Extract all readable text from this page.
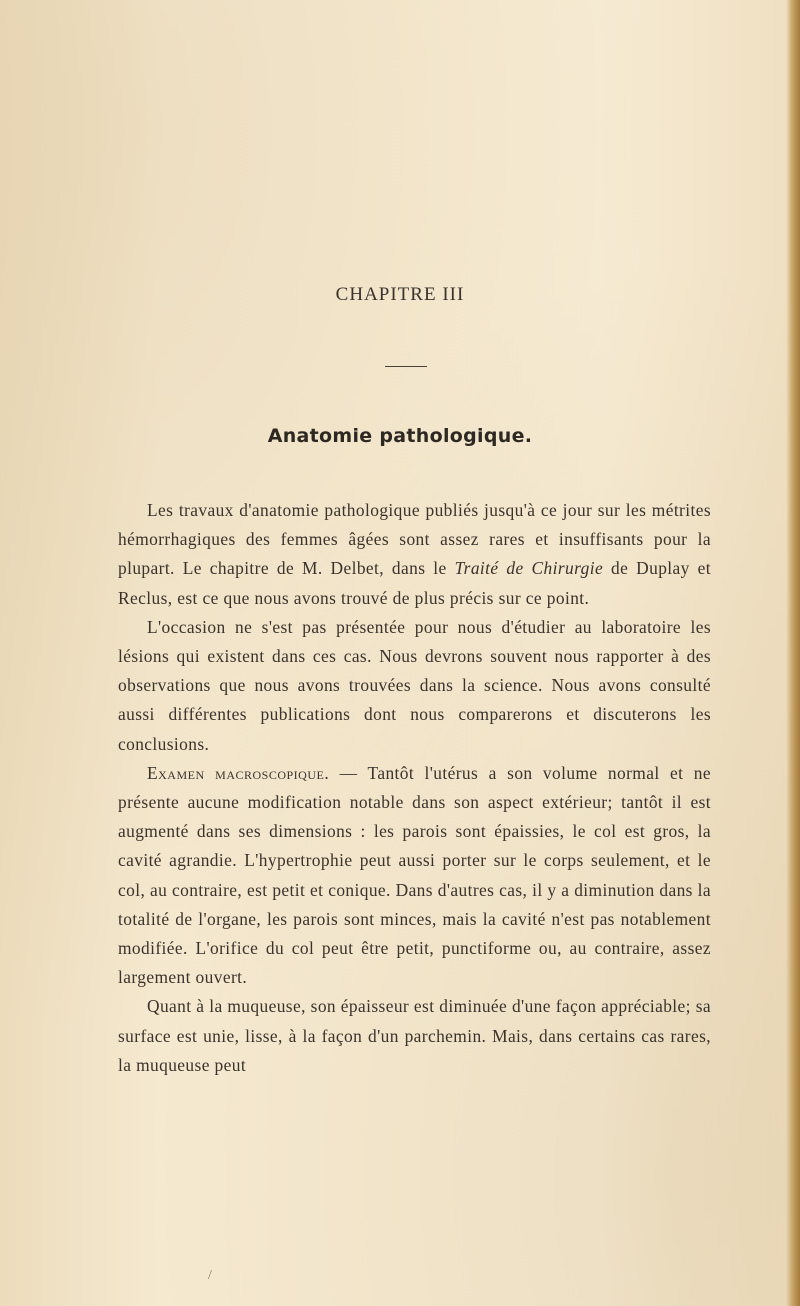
CHAPITRE III
Anatomie pathologique.

Les travaux d'anatomie pathologique publiés jusqu'à ce jour sur les métrites hémorrhagiques des femmes âgées sont assez rares et insuffisants pour la plupart. Le chapitre de M. Delbet, dans le Traité de Chirurgie de Duplay et Reclus, est ce que nous avons trouvé de plus précis sur ce point.

L'occasion ne s'est pas présentée pour nous d'étudier au laboratoire les lésions qui existent dans ces cas. Nous devrons souvent nous rapporter à des observations que nous avons trouvées dans la science. Nous avons consulté aussi différentes publications dont nous comparerons et discuterons les conclusions.

Examen macroscopique. — Tantôt l'utérus a son volume normal et ne présente aucune modification notable dans son aspect extérieur; tantôt il est augmenté dans ses dimensions : les parois sont épaissies, le col est gros, la cavité agrandie. L'hypertrophie peut aussi porter sur le corps seulement, et le col, au contraire, est petit et conique. Dans d'autres cas, il y a diminution dans la totalité de l'organe, les parois sont minces, mais la cavité n'est pas notablement modifiée. L'orifice du col peut être petit, punctiforme ou, au contraire, assez largement ouvert.

Quant à la muqueuse, son épaisseur est diminuée d'une façon appréciable; sa surface est unie, lisse, à la façon d'un parchemin. Mais, dans certains cas rares, la muqueuse peut

/
